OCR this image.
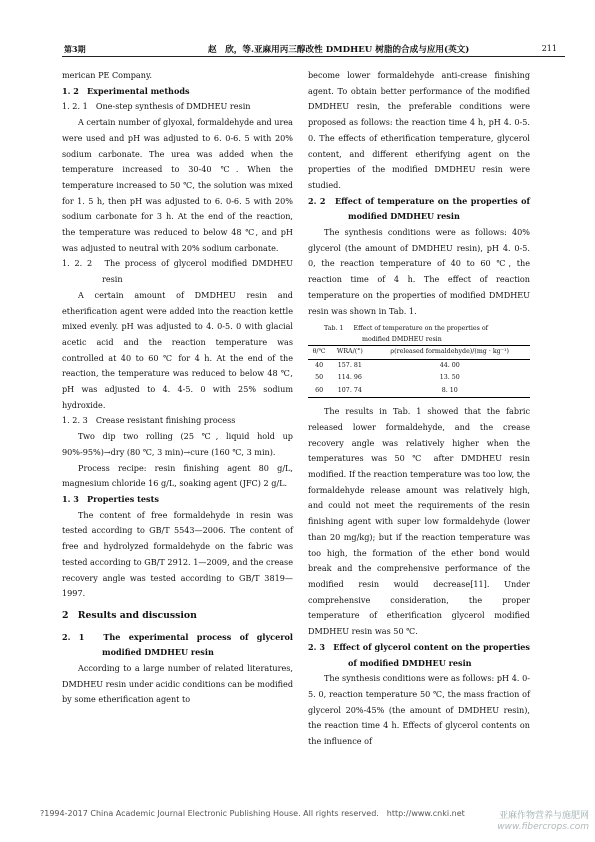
第3期	赵　欣，等.亚麻用丙三醇改性 DMDHEU 树脂的合成与应用(英文)	211

merican PE Company.

1. 2　Experimental methods

1. 2. 1　One-step synthesis of DMDHEU resin

A certain number of glyoxal, formaldehyde and urea were used and pH was adjusted to 6. 0-6. 5 with 20% sodium carbonate. The urea was added when the temperature increased to 30-40 ℃. When the temperature increased to 50 ℃, the solution was mixed for 1. 5 h, then pH was adjusted to 6. 0-6. 5 with 20% sodium carbonate for 3 h. At the end of the reaction, the temperature was reduced to below 48 ℃, and pH was adjusted to neutral with 20% sodium carbonate.

1. 2. 2　The process of glycerol modified DMDHEU resin

A certain amount of DMDHEU resin and etherification agent were added into the reaction kettle mixed evenly. pH was adjusted to 4. 0-5. 0 with glacial acetic acid and the reaction temperature was controlled at 40 to 60 ℃ for 4 h. At the end of the reaction, the temperature was reduced to below 48 ℃, pH was adjusted to 4. 4-5. 0 with 25% sodium hydroxide.

1. 2. 3　Crease resistant finishing process

Two dip two rolling (25 ℃, liquid hold up 90%-95%)→dry (80 ℃, 3 min)→cure (160 ℃, 3 min).

Process recipe: resin finishing agent 80 g/L, magnesium chloride 16 g/L, soaking agent (JFC) 2 g/L.

1. 3　Properties tests

The content of free formaldehyde in resin was tested according to GB/T 5543—2006. The content of free and hydrolyzed formaldehyde on the fabric was tested according to GB/T 2912. 1—2009, and the crease recovery angle was tested according to GB/T 3819—1997.

2　Results and discussion

2. 1　The experimental process of glycerol modified DMDHEU resin

According to a large number of related literatures, DMDHEU resin under acidic conditions can be modified by some etherification agent to

become lower formaldehyde anti-crease finishing agent. To obtain better performance of the modified DMDHEU resin, the preferable conditions were proposed as follows: the reaction time 4 h, pH 4. 0-5. 0. The effects of etherification temperature, glycerol content, and different etherifying agent on the properties of the modified DMDHEU resin were studied.

2. 2　Effect of temperature on the properties of modified DMDHEU resin

The synthesis conditions were as follows: 40% glycerol (the amount of DMDHEU resin), pH 4. 0-5. 0, the reaction temperature of 40 to 60 ℃, the reaction time of 4 h. The effect of reaction temperature on the properties of modified DMDHEU resin was shown in Tab. 1.

Tab. 1 Effect of temperature on the properties of
modified DMDHEU resin
θ/℃	WRA/(°)	ρ(released formaldehyde)/(mg · kg⁻¹)
40	157. 81	44. 00
50	114. 96	13. 50
60	107. 74	8. 10

The results in Tab. 1 showed that the fabric released lower formaldehyde, and the crease recovery angle was relatively higher when the temperatures was 50 ℃ after DMDHEU resin modified. If the reaction temperature was too low, the formaldehyde release amount was relatively high, and could not meet the requirements of the resin finishing agent with super low formaldehyde (lower than 20 mg/kg); but if the reaction temperature was too high, the formation of the ether bond would break and the comprehensive performance of the modified resin would decrease[11]. Under comprehensive consideration, the proper temperature of etherification glycerol modified DMDHEU resin was 50 ℃.

2. 3　Effect of glycerol content on the properties of modified DMDHEU resin

The synthesis conditions were as follows: pH 4. 0-5. 0, reaction temperature 50 ℃, the mass fraction of glycerol 20%-45% (the amount of DMDHEU resin), the reaction time 4 h. Effects of glycerol contents on the influence of

?1994-2017 China Academic Journal Electronic Publishing House. All rights reserved.　http://www.cnki.net	亚麻作物营养与施肥网
www.fibercrops.com
